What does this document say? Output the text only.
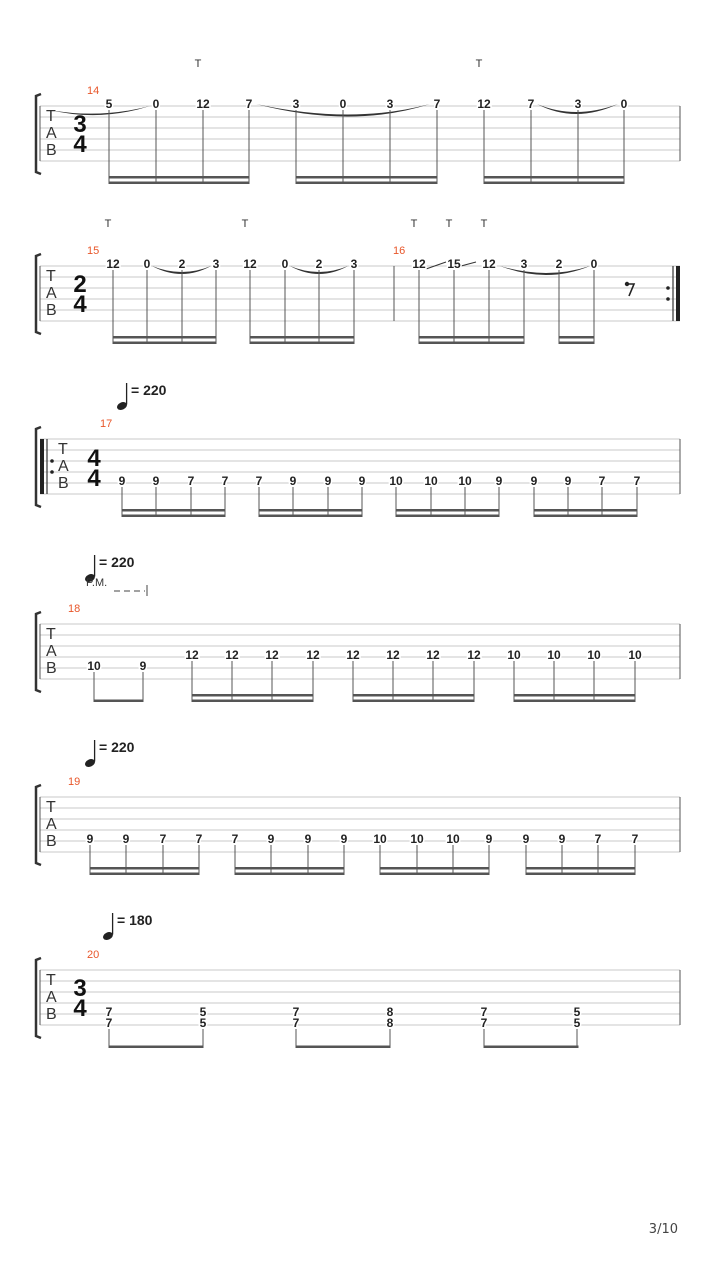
T
A
B
3
4
14
T	T
5	0	12	7	3	0	3	7	12	7	3	0
T
A
B
2
4
15	16
T	T	T	T	T
12 0 2 3 12 0 2 3	12 15 12 3 2 0
= 220
T
A
B
4
4
17
9 9 7 7 7 9 9 9 10 10 10 9 9 9 7 7
= 220
P.M.
T
A
B
18
10	9
12 12 12 12 12 12 12 12 10 10 10 10
= 220
T
A
B
19
9 9	7 7 7 9	9 9 10 10 10 9	9 9 7	7
= 180
T
A
B
3
4
20
7
7
5
5
7
7
8
8
7
7
5
5
3/10
